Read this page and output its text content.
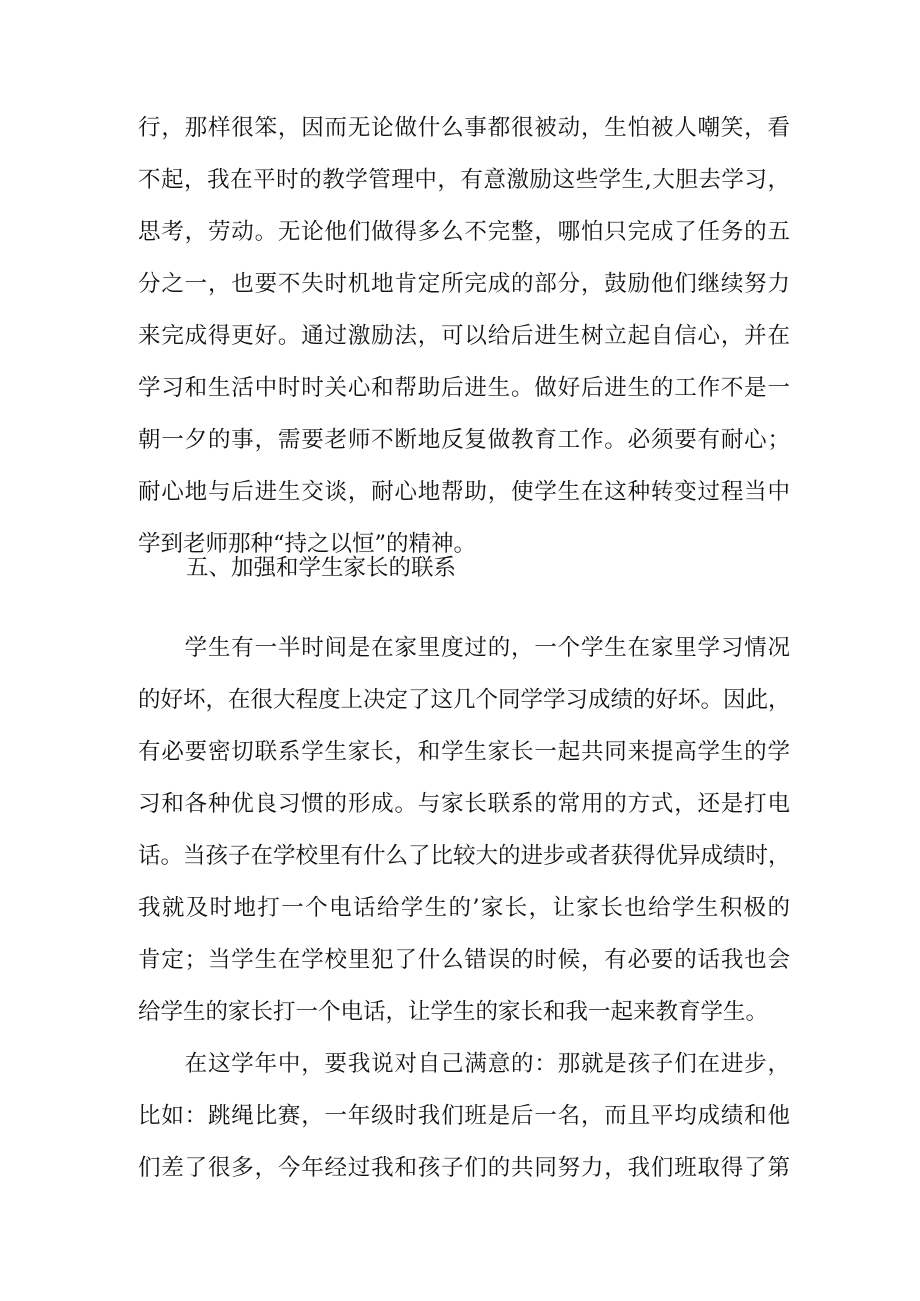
行，那样很笨，因而无论做什么事都很被动，生怕被人嘲笑，看
不起，我在平时的教学管理中，有意激励这些学生,大胆去学习，
思考，劳动。无论他们做得多么不完整，哪怕只完成了任务的五
分之一，也要不失时机地肯定所完成的部分，鼓励他们继续努力
来完成得更好。通过激励法，可以给后进生树立起自信心，并在
学习和生活中时时关心和帮助后进生。做好后进生的工作不是一
朝一夕的事，需要老师不断地反复做教育工作。必须要有耐心；
耐心地与后进生交谈，耐心地帮助，使学生在这种转变过程当中
学到老师那种“持之以恒”的精神。
五、加强和学生家长的联系
　　学生有一半时间是在家里度过的，一个学生在家里学习情况
的好坏，在很大程度上决定了这几个同学学习成绩的好坏。因此，
有必要密切联系学生家长，和学生家长一起共同来提高学生的学
习和各种优良习惯的形成。与家长联系的常用的方式，还是打电
话。当孩子在学校里有什么了比较大的进步或者获得优异成绩时，
我就及时地打一个电话给学生的’家长，让家长也给学生积极的
肯定；当学生在学校里犯了什么错误的时候，有必要的话我也会
给学生的家长打一个电话，让学生的家长和我一起来教育学生。
　　在这学年中，要我说对自己满意的：那就是孩子们在进步，
比如：跳绳比赛，一年级时我们班是后一名，而且平均成绩和他
们差了很多，今年经过我和孩子们的共同努力，我们班取得了第
